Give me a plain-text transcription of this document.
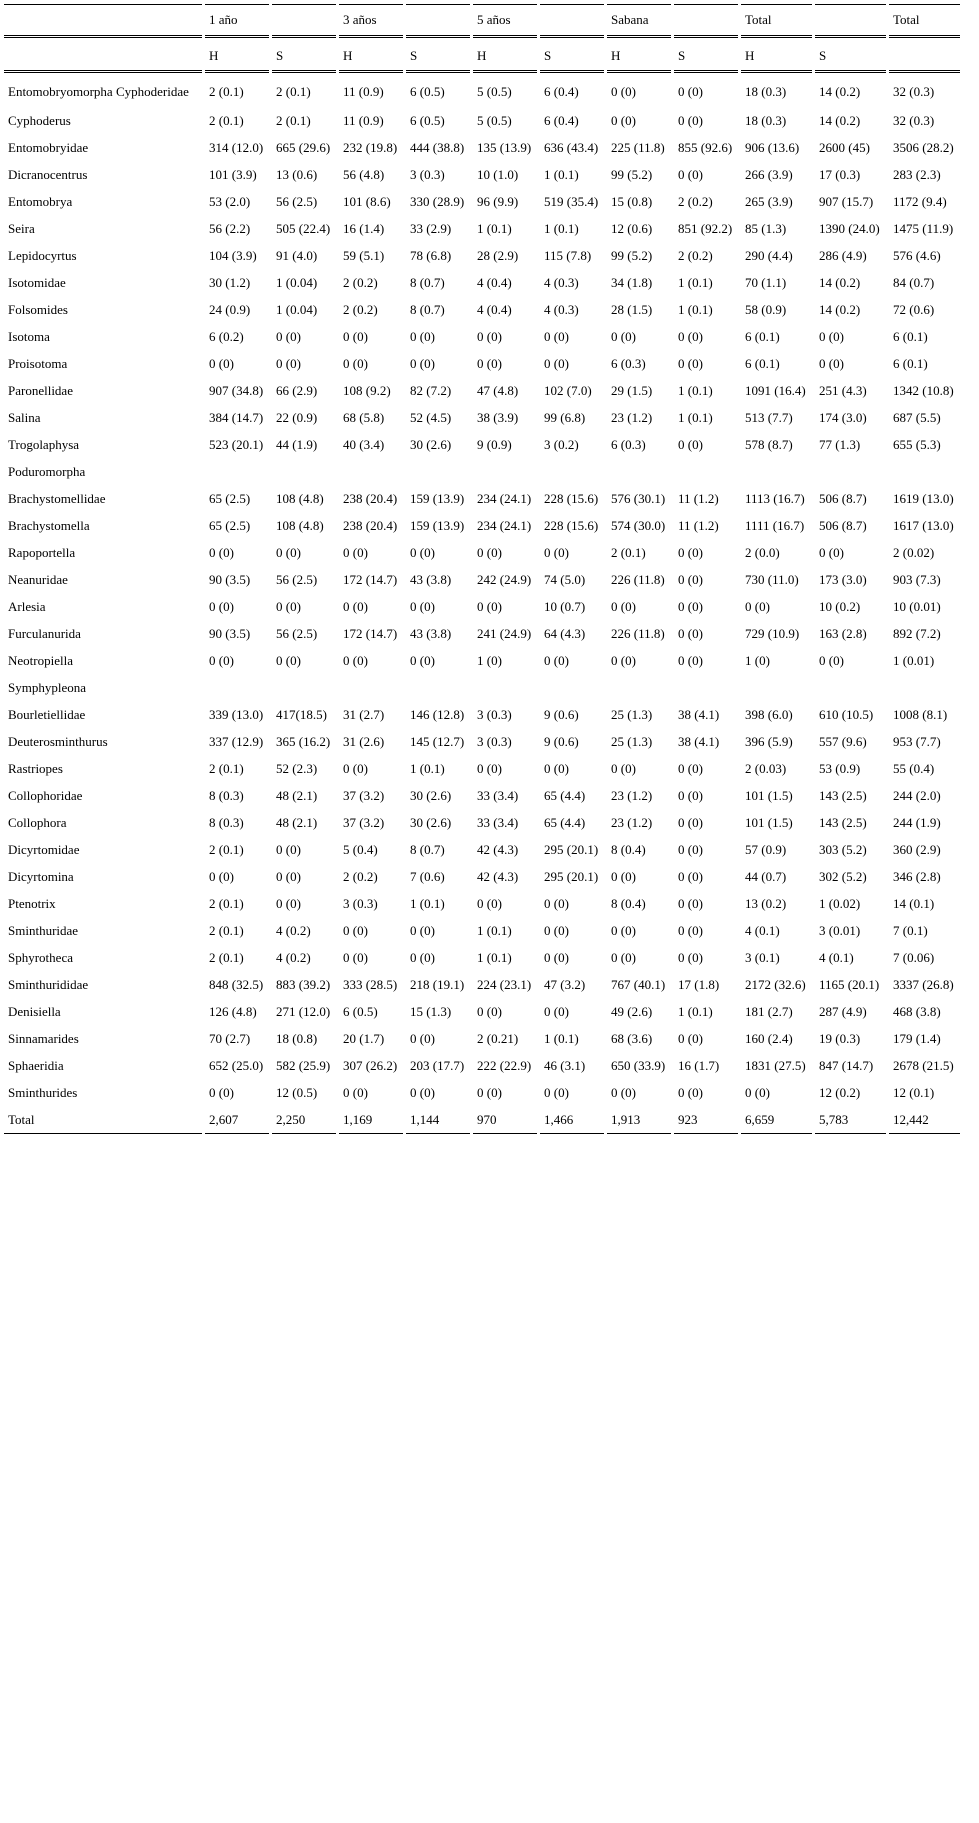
	1 año		3 años		5 años		Sabana		Total		Total
	H	S	H	S	H	S	H	S	H	S	
Entomobryomorpha Cyphoderidae	2 (0.1)	2 (0.1)	11 (0.9)	6 (0.5)	5 (0.5)	6 (0.4)	0 (0)	0 (0)	18 (0.3)	14 (0.2)	32 (0.3)
Cyphoderus	2 (0.1)	2 (0.1)	11 (0.9)	6 (0.5)	5 (0.5)	6 (0.4)	0 (0)	0 (0)	18 (0.3)	14 (0.2)	32 (0.3)
Entomobryidae	314 (12.0)	665 (29.6)	232 (19.8)	444 (38.8)	135 (13.9)	636 (43.4)	225 (11.8)	855 (92.6)	906 (13.6)	2600 (45)	3506 (28.2)
Dicranocentrus	101 (3.9)	13 (0.6)	56 (4.8)	3 (0.3)	10 (1.0)	1 (0.1)	99 (5.2)	0 (0)	266 (3.9)	17 (0.3)	283 (2.3)
Entomobrya	53 (2.0)	56 (2.5)	101 (8.6)	330 (28.9)	96 (9.9)	519 (35.4)	15 (0.8)	2 (0.2)	265 (3.9)	907 (15.7)	1172 (9.4)
Seira	56 (2.2)	505 (22.4)	16 (1.4)	33 (2.9)	1 (0.1)	1 (0.1)	12 (0.6)	851 (92.2)	85 (1.3)	1390 (24.0)	1475 (11.9)
Lepidocyrtus	104 (3.9)	91 (4.0)	59 (5.1)	78 (6.8)	28 (2.9)	115 (7.8)	99 (5.2)	2 (0.2)	290 (4.4)	286 (4.9)	576 (4.6)
Isotomidae	30 (1.2)	1 (0.04)	2 (0.2)	8 (0.7)	4 (0.4)	4 (0.3)	34 (1.8)	1 (0.1)	70 (1.1)	14 (0.2)	84 (0.7)
Folsomides	24 (0.9)	1 (0.04)	2 (0.2)	8 (0.7)	4 (0.4)	4 (0.3)	28 (1.5)	1 (0.1)	58 (0.9)	14 (0.2)	72 (0.6)
Isotoma	6 (0.2)	0 (0)	0 (0)	0 (0)	0 (0)	0 (0)	0 (0)	0 (0)	6 (0.1)	0 (0)	6 (0.1)
Proisotoma	0 (0)	0 (0)	0 (0)	0 (0)	0 (0)	0 (0)	6 (0.3)	0 (0)	6 (0.1)	0 (0)	6 (0.1)
Paronellidae	907 (34.8)	66 (2.9)	108 (9.2)	82 (7.2)	47 (4.8)	102 (7.0)	29 (1.5)	1 (0.1)	1091 (16.4)	251 (4.3)	1342 (10.8)
Salina	384 (14.7)	22 (0.9)	68 (5.8)	52 (4.5)	38 (3.9)	99 (6.8)	23 (1.2)	1 (0.1)	513 (7.7)	174 (3.0)	687 (5.5)
Trogolaphysa	523 (20.1)	44 (1.9)	40 (3.4)	30 (2.6)	9 (0.9)	3 (0.2)	6 (0.3)	0 (0)	578 (8.7)	77 (1.3)	655 (5.3)
Poduromorpha											
Brachystomellidae	65 (2.5)	108 (4.8)	238 (20.4)	159 (13.9)	234 (24.1)	228 (15.6)	576 (30.1)	11 (1.2)	1113 (16.7)	506 (8.7)	1619 (13.0)
Brachystomella	65 (2.5)	108 (4.8)	238 (20.4)	159 (13.9)	234 (24.1)	228 (15.6)	574 (30.0)	11 (1.2)	1111 (16.7)	506 (8.7)	1617 (13.0)
Rapoportella	0 (0)	0 (0)	0 (0)	0 (0)	0 (0)	0 (0)	2 (0.1)	0 (0)	2 (0.0)	0 (0)	2 (0.02)
Neanuridae	90 (3.5)	56 (2.5)	172 (14.7)	43 (3.8)	242 (24.9)	74 (5.0)	226 (11.8)	0 (0)	730 (11.0)	173 (3.0)	903 (7.3)
Arlesia	0 (0)	0 (0)	0 (0)	0 (0)	0 (0)	10 (0.7)	0 (0)	0 (0)	0 (0)	10 (0.2)	10 (0.01)
Furculanurida	90 (3.5)	56 (2.5)	172 (14.7)	43 (3.8)	241 (24.9)	64 (4.3)	226 (11.8)	0 (0)	729 (10.9)	163 (2.8)	892 (7.2)
Neotropiella	0 (0)	0 (0)	0 (0)	0 (0)	1 (0)	0 (0)	0 (0)	0 (0)	1 (0)	0 (0)	1 (0.01)
Symphypleona											
Bourletiellidae	339 (13.0)	417(18.5)	31 (2.7)	146 (12.8)	3 (0.3)	9 (0.6)	25 (1.3)	38 (4.1)	398 (6.0)	610 (10.5)	1008 (8.1)
Deuterosminthurus	337 (12.9)	365 (16.2)	31 (2.6)	145 (12.7)	3 (0.3)	9 (0.6)	25 (1.3)	38 (4.1)	396 (5.9)	557 (9.6)	953 (7.7)
Rastriopes	2 (0.1)	52 (2.3)	0 (0)	1 (0.1)	0 (0)	0 (0)	0 (0)	0 (0)	2 (0.03)	53 (0.9)	55 (0.4)
Collophoridae	8 (0.3)	48 (2.1)	37 (3.2)	30 (2.6)	33 (3.4)	65 (4.4)	23 (1.2)	0 (0)	101 (1.5)	143 (2.5)	244 (2.0)
Collophora	8 (0.3)	48 (2.1)	37 (3.2)	30 (2.6)	33 (3.4)	65 (4.4)	23 (1.2)	0 (0)	101 (1.5)	143 (2.5)	244 (1.9)
Dicyrtomidae	2 (0.1)	0 (0)	5 (0.4)	8 (0.7)	42 (4.3)	295 (20.1)	8 (0.4)	0 (0)	57 (0.9)	303 (5.2)	360 (2.9)
Dicyrtomina	0 (0)	0 (0)	2 (0.2)	7 (0.6)	42 (4.3)	295 (20.1)	0 (0)	0 (0)	44 (0.7)	302 (5.2)	346 (2.8)
Ptenotrix	2 (0.1)	0 (0)	3 (0.3)	1 (0.1)	0 (0)	0 (0)	8 (0.4)	0 (0)	13 (0.2)	1 (0.02)	14 (0.1)
Sminthuridae	2 (0.1)	4 (0.2)	0 (0)	0 (0)	1 (0.1)	0 (0)	0 (0)	0 (0)	4 (0.1)	3 (0.01)	7 (0.1)
Sphyrotheca	2 (0.1)	4 (0.2)	0 (0)	0 (0)	1 (0.1)	0 (0)	0 (0)	0 (0)	3 (0.1)	4 (0.1)	7 (0.06)
Sminthurididae	848 (32.5)	883 (39.2)	333 (28.5)	218 (19.1)	224 (23.1)	47 (3.2)	767 (40.1)	17 (1.8)	2172 (32.6)	1165 (20.1)	3337 (26.8)
Denisiella	126 (4.8)	271 (12.0)	6 (0.5)	15 (1.3)	0 (0)	0 (0)	49 (2.6)	1 (0.1)	181 (2.7)	287 (4.9)	468 (3.8)
Sinnamarides	70 (2.7)	18 (0.8)	20 (1.7)	0 (0)	2 (0.21)	1 (0.1)	68 (3.6)	0 (0)	160 (2.4)	19 (0.3)	179 (1.4)
Sphaeridia	652 (25.0)	582 (25.9)	307 (26.2)	203 (17.7)	222 (22.9)	46 (3.1)	650 (33.9)	16 (1.7)	1831 (27.5)	847 (14.7)	2678 (21.5)
Sminthurides	0 (0)	12 (0.5)	0 (0)	0 (0)	0 (0)	0 (0)	0 (0)	0 (0)	0 (0)	12 (0.2)	12 (0.1)
Total	2,607	2,250	1,169	1,144	970	1,466	1,913	923	6,659	5,783	12,442
